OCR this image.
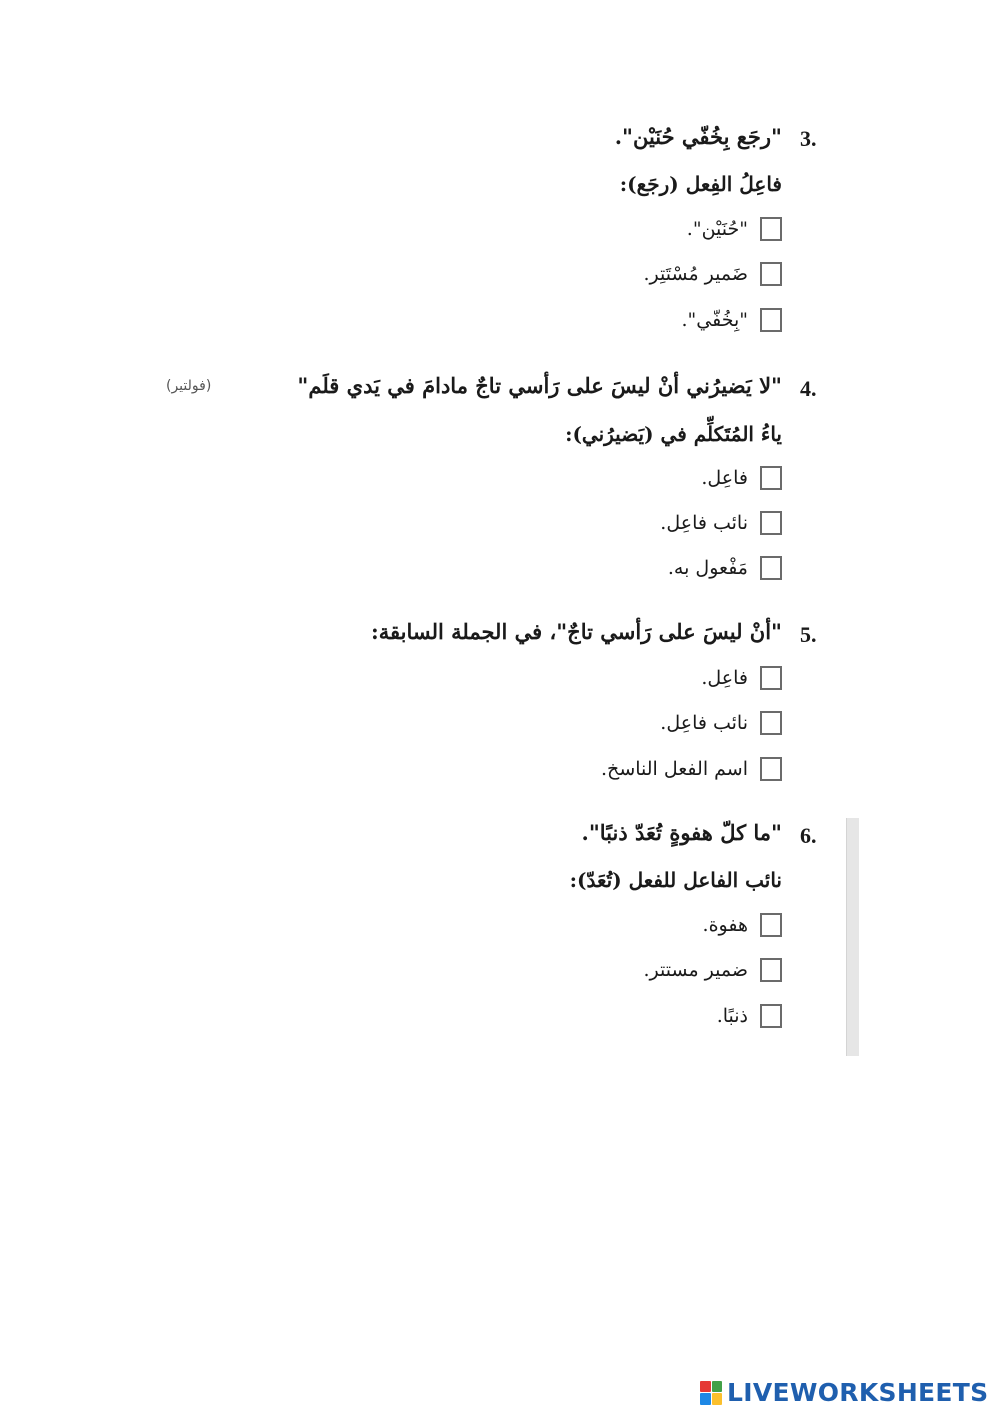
3.
"رجَع بِخُفّي حُنَيْن".
فاعِلُ الفِعل (رجَع):
"حُنَيْن".
ضَمير مُسْتَتِر.
"بِخُفّي".
(فولتير)	4.
"لا يَضيرُني أنْ ليسَ على رَأسي تاجٌ مادامَ في يَدي قلَم"
ياءُ المُتَكلِّم في (يَضيرُني):
فاعِل.
نائب فاعِل.
مَفْعول به.
5.
"أنْ ليسَ على رَأسي تاجٌ"، في الجملة السابقة:
فاعِل.
نائب فاعِل.
اسم الفعل الناسخ.
6.
"ما كلّ هفوةٍ تُعَدّ ذنبًا".
نائب الفاعل للفعل (تُعَدّ):
هفوة.
ضمير مستتر.
ذنبًا.
LIVEWORKSHEETS
